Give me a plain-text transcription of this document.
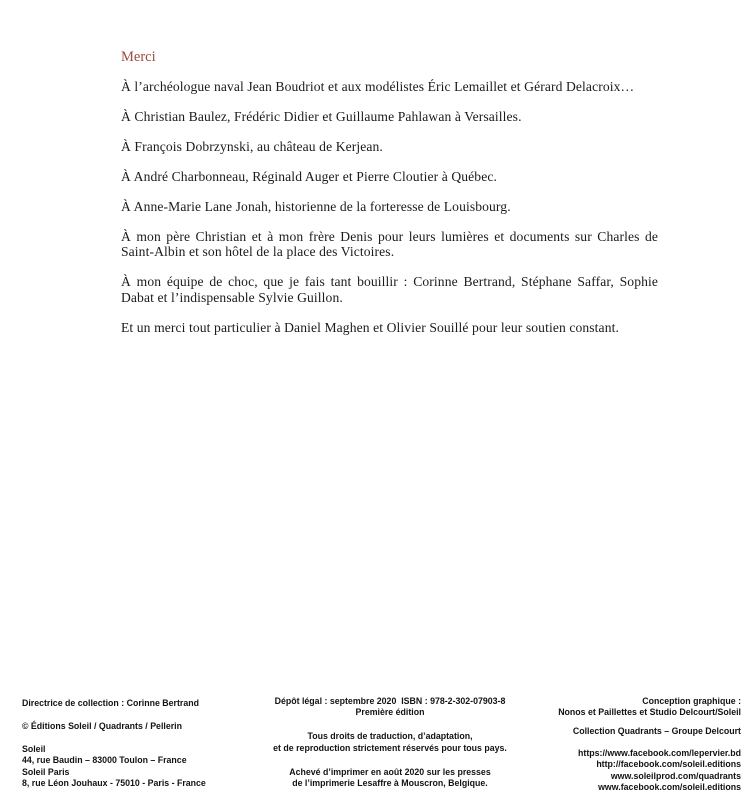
Merci

À l’archéologue naval Jean Boudriot et aux modélistes Éric Lemaillet et Gérard Delacroix…

À Christian Baulez, Frédéric Didier et Guillaume Pahlawan à Versailles.

À François Dobrzynski, au château de Kerjean.

À André Charbonneau, Réginald Auger et Pierre Cloutier à Québec.

À Anne-Marie Lane Jonah, historienne de la forteresse de Louisbourg.

À mon père Christian et à mon frère Denis pour leurs lumières et documents sur Charles de Saint-Albin et son hôtel de la place des Victoires.

À mon équipe de choc, que je fais tant bouillir : Corinne Bertrand, Stéphane Saffar, Sophie Dabat et l’indispensable Sylvie Guillon.

Et un merci tout particulier à Daniel Maghen et Olivier Souillé pour leur soutien constant.

Directrice de collection : Corinne Bertrand

© Éditions Soleil / Quadrants / Pellerin

Soleil

44, rue Baudin – 83000 Toulon – France

Soleil Paris

8, rue Léon Jouhaux - 75010 - Paris - France

Dépôt légal : septembre 2020  ISBN : 978-2-302-07903-8

Première édition

Tous droits de traduction, d’adaptation,

et de reproduction strictement réservés pour tous pays.

Achevé d’imprimer en août 2020 sur les presses

de l’imprimerie Lesaffre à Mouscron, Belgique.

Conception graphique :

Nonos et Paillettes et Studio Delcourt/Soleil

Collection Quadrants – Groupe Delcourt

https://www.facebook.com/lepervier.bd

http://facebook.com/soleil.editions

www.soleilprod.com/quadrants

www.facebook.com/soleil.editions
